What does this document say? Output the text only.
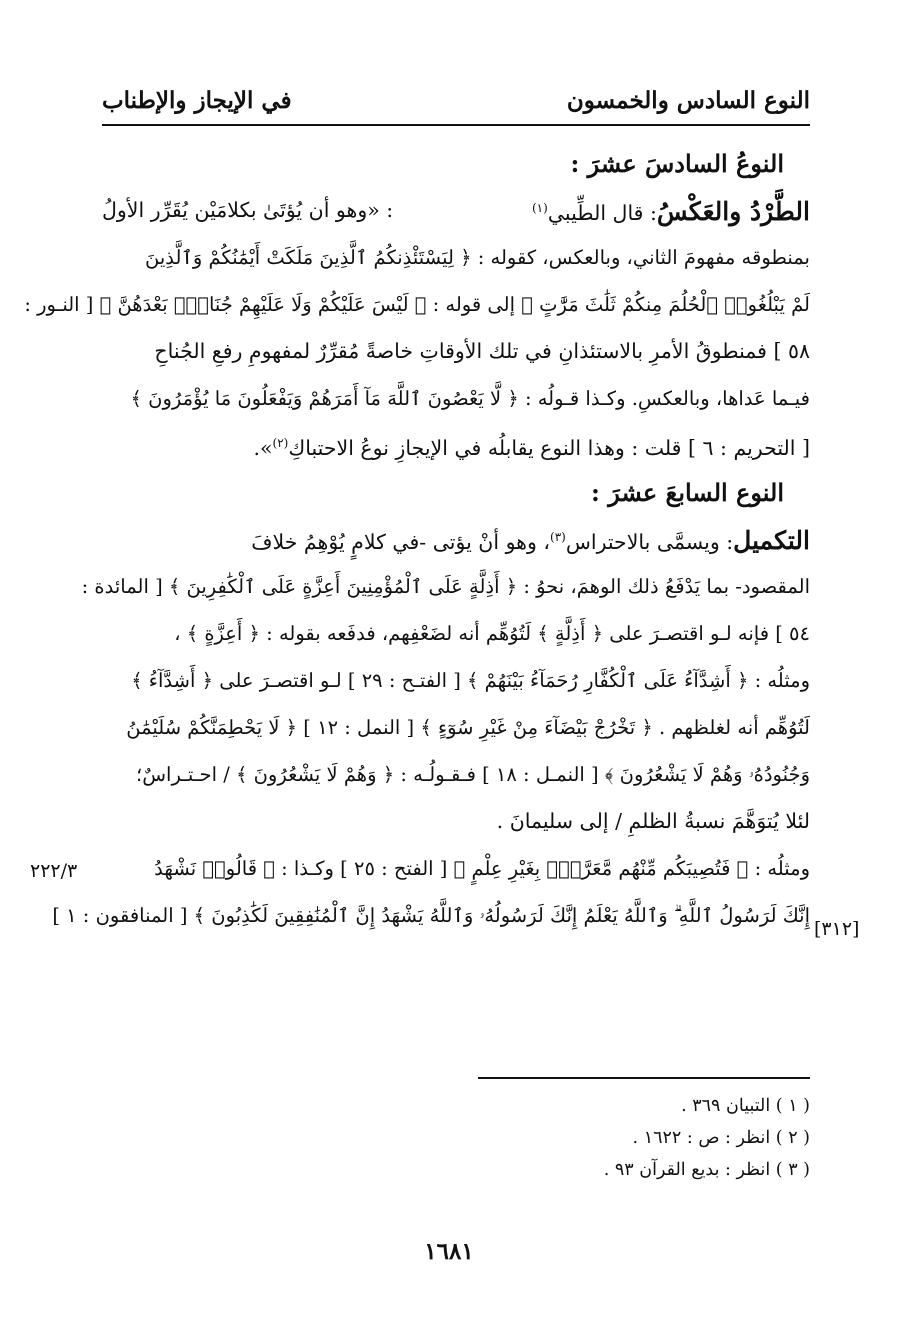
النوع السادس والخمسون
في الإيجاز والإطناب
النوعُ السادسَ عشرَ :
الطَّرْدُ والعَكْسُ: قال الطِّيبي$^{(١)}$
: «وهو أن يُؤتَىٰ بكلامَيْن يُقَرِّر الأولُ
بمنطوقه مفهومَ الثاني، وبالعكس، كقوله : ﴿ لِيَسْتَئْذِنكُمُ ٱلَّذِينَ مَلَكَتْ أَيْمَٰنُكُمْ وَٱلَّذِينَ
لَمْ يَبْلُغُوا۟ ٱلْحُلُمَ مِنكُمْ ثَلَٰثَ مَرَّٰتٍ ﴾ إلى قوله : ﴿ لَيْسَ عَلَيْكُمْ وَلَا عَلَيْهِمْ جُنَاحٌۢ بَعْدَهُنَّ ﴾ [ النـور :
٥٨ ] فمنطوقُ الأمرِ بالاستئذانِ في تلك الأوقاتِ خاصةً مُقرِّرٌ لمفهومِ رفعِ الجُناحِ
فيـما عَداها، وبالعكسِ. وكـذا قـولُه : ﴿ لَّا يَعْصُونَ ٱللَّهَ مَآ أَمَرَهُمْ وَيَفْعَلُونَ مَا يُؤْمَرُونَ ﴾
[ التحريم : ٦ ] قلت : وهذا النوع يقابلُه في الإيجازِ نوعُ الاحتباكِ$^{(٢)}$».
النوع السابعَ عشرَ :
التكميل: ويسمَّى بالاحتراس$^{(٣)}$، وهو أنْ يؤتى -في كلامٍ يُوْهِمُ خلافَ
المقصود- بما يَدْفَعُ ذلك الوهمَ، نحوُ : ﴿ أَذِلَّةٍ عَلَى ٱلْمُؤْمِنِينَ أَعِزَّةٍ عَلَى ٱلْكَٰفِرِينَ ﴾ [ المائدة :
٥٤ ] فإنه لـو اقتصـرَ على ﴿ أَذِلَّةٍ ﴾ لَتُوُهِّم أنه لضَعْفِهم، فدفَعه بقوله : ﴿ أَعِزَّةٍ ﴾ ،
ومثلُه : ﴿ أَشِدَّآءُ عَلَى ٱلْكُفَّارِ رُحَمَآءُ بَيْنَهُمْ ﴾ [ الفتـح : ٢٩ ] لـو اقتصـرَ على ﴿ أَشِدَّآءُ ﴾
لَتُوُهِّم أنه لغلظهم . ﴿ تَخْرُجْ بَيْضَآءَ مِنْ غَيْرِ سُوٓءٍ ﴾ [ النمل : ١٢ ] ﴿ لَا يَحْطِمَنَّكُمْ سُلَيْمَٰنُ
وَجُنُودُهُۥ وَهُمْ لَا يَشْعُرُونَ ﴾ [ النمـل : ١٨ ] فـقـولُـه : ﴿ وَهُمْ لَا يَشْعُرُونَ ﴾ / احـتـراسٌ؛
لئلا يُتوَهَّمَ نسبةُ الظلمِ / إلى سليمانَ .
ومثلُه : ﴿ فَتُصِيبَكُم مِّنْهُم مَّعَرَّةٌۢ بِغَيْرِ عِلْمٍ ﴾ [ الفتح : ٢٥ ] وكـذا : ﴿ قَالُوا۟ نَشْهَدُ
إِنَّكَ لَرَسُولُ ٱللَّهِ ۗ وَٱللَّهُ يَعْلَمُ إِنَّكَ لَرَسُولُهُۥ وَٱللَّهُ يَشْهَدُ إِنَّ ٱلْمُنَٰفِقِينَ لَكَٰذِبُونَ ﴾ [ المنافقون : ١ ]
٢٢٢/٣
[٣١٢]
( ١ ) التبيان ٣٦٩ .
( ٢ ) انظر : ص : ١٦٢٢ .
( ٣ ) انظر : بديع القرآن ٩٣ .
١٦٨١
